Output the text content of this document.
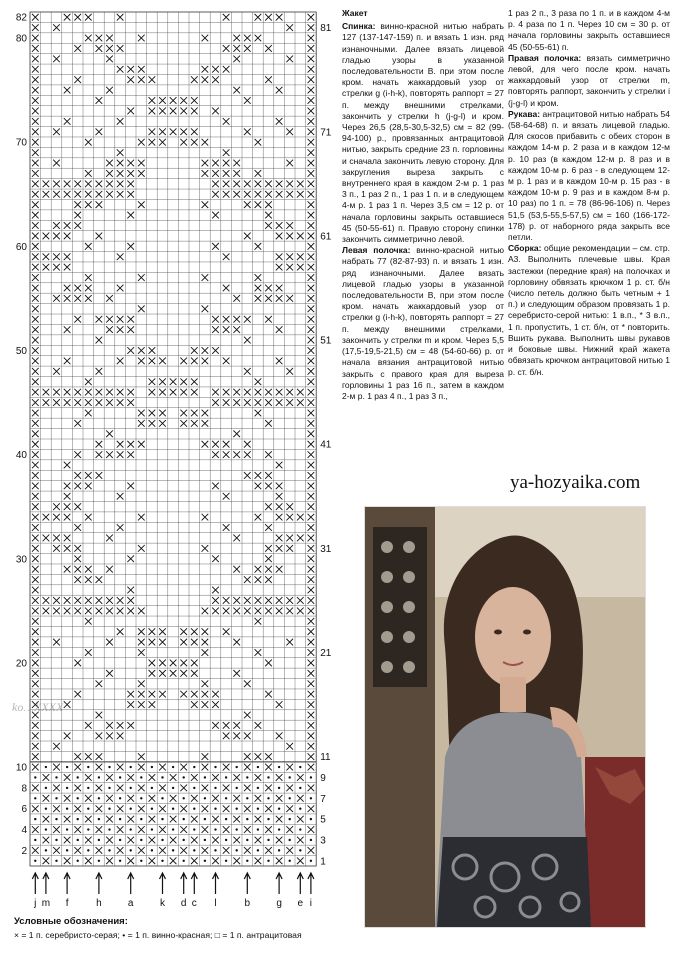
82
80
70
60
50
40
30
20
10
8
6
4
2
81
71
61
51
41
31
21
11
9
7
5
3
1
j m f	h	a	k d c l	b	g e i
ko…XXXX
Условные обозначения:
× = 1 п. серебристо-серая; • = 1 п. винно-красная; □ = 1 п. антрацитовая
Жакет

Спинка: винно-красной нитью набрать 127 (137-147-159) п. и вязать 1 изн. ряд изнаночными. Далее вязать лицевой гладью узоры в указанной последовательности В. при этом после кром. начать жаккардовый узор от стрелки g (i-h-k), повторять раппорт = 27 п. между внешними стрелками, закончить у стрелки h (j-g-l) и кром. Через 26,5 (28,5-30,5-32,5) см = 82 (99-94-100) р., провязанных антрацитовой нитью, закрыть средние 23 п. горловины и сначала закончить левую сторону. Для закругления выреза закрыть с внутреннего края в каждом 2-м р. 1 раз 3 п., 1 раз 2 п., 1 раз 1 п. и в следующем 4-м р. 1 раз 1 п. Через 3,5 см = 12 р. от начала горловины закрыть оставшиеся 45 (50-55-61) п. Правую сторону спинки закончить симметрично левой.

Левая полочка: винно-красной нитью набрать 77 (82-87-93) п. и вязать 1 изн. ряд изнаночными. Далее вязать лицевой гладью узоры в указанной последовательности В, при этом после кром. начать жаккардовый узор от стрелки g (i-h-k), повторять раппорт = 27 п. между внешними стрелками, закончить у стрелки m и кром. Через 5,5 (17,5-19,5-21,5) см = 48 (54-60-66) р. от начала вязания антрацитовой нитью закрыть с правого края для выреза горловины 1 раз 16 п., затем в каждом 2-м р. 1 раз 4 п., 1 раз 3 п.,

1 раз 2 п., 3 раза по 1 п. и в каждом 4-м р. 4 раза по 1 п. Через 10 см = 30 р. от начала горловины закрыть оставшиеся 45 (50-55-61) п.

Правая полочка: вязать симметрично левой, для чего после кром. начать жаккардовый узор от стрелки m, повторять раппорт, закончить у стрелки i (j-g-l) и кром.

Рукава: антрацитовой нитью набрать 54 (58-64-68) п. и вязать лицевой гладью. Для скосов прибавить с обеих сторон в каждом 14-м р. 2 раза и в каждом 12-м р. 10 раз (в каждом 12-м р. 8 раз и в каждом 10-м р. 6 раз - в следующем 12-м р. 1 раз и в каждом 10-м р. 15 раз - в каждом 10-м р. 9 раз и в каждом 8-м р. 10 раз) по 1 п. = 78 (86-96-106) п. Через 51,5 (53,5-55,5-57,5) см = 160 (166-172-178) р. от наборного ряда закрыть все петли.

Сборка: общие рекомендации – см. стр. А3. Выполнить плечевые швы. Края застежки (передние края) на полочках и горловину обвязать крючком 1 р. ст. б/н (число петель должно быть четным + 1 п.) и следующим образом провязать 1 р. серебристо-серой нитью: 1 в.п., * 3 в.п., 1 п. пропустить, 1 ст. б/н, от * повторить. Вшить рукава. Выполнить швы рукавов и боковые швы. Нижний край жакета обвязать крючком антрацитовой нитью 1 р. ст. б/н.

ya-hozyaika.com
